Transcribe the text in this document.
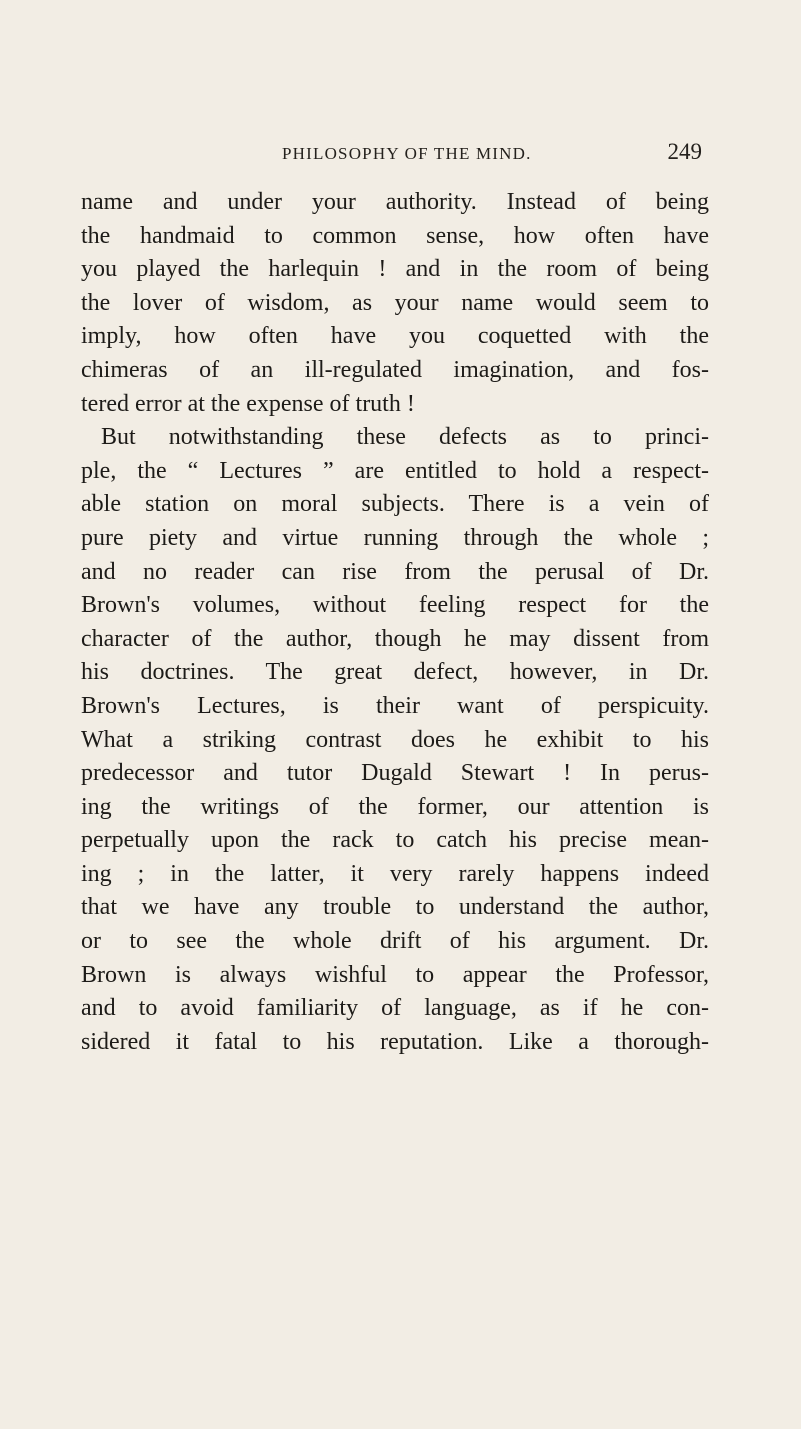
PHILOSOPHY OF THE MIND.	249
name and under your authority. Instead of being
the handmaid to common sense, how often have
you played the harlequin ! and in the room of being
the lover of wisdom, as your name would seem to
imply, how often have you coquetted with the
chimeras of an ill-regulated imagination, and fos-
tered error at the expense of truth !
But notwithstanding these defects as to princi-
ple, the “ Lectures ” are entitled to hold a respect-
able station on moral subjects. There is a vein of
pure piety and virtue running through the whole ;
and no reader can rise from the perusal of Dr.
Brown's volumes, without feeling respect for the
character of the author, though he may dissent from
his doctrines. The great defect, however, in Dr.
Brown's Lectures, is their want of perspicuity.
What a striking contrast does he exhibit to his
predecessor and tutor Dugald Stewart ! In perus-
ing the writings of the former, our attention is
perpetually upon the rack to catch his precise mean-
ing ; in the latter, it very rarely happens indeed
that we have any trouble to understand the author,
or to see the whole drift of his argument. Dr.
Brown is always wishful to appear the Professor,
and to avoid familiarity of language, as if he con-
sidered it fatal to his reputation. Like a thorough-
